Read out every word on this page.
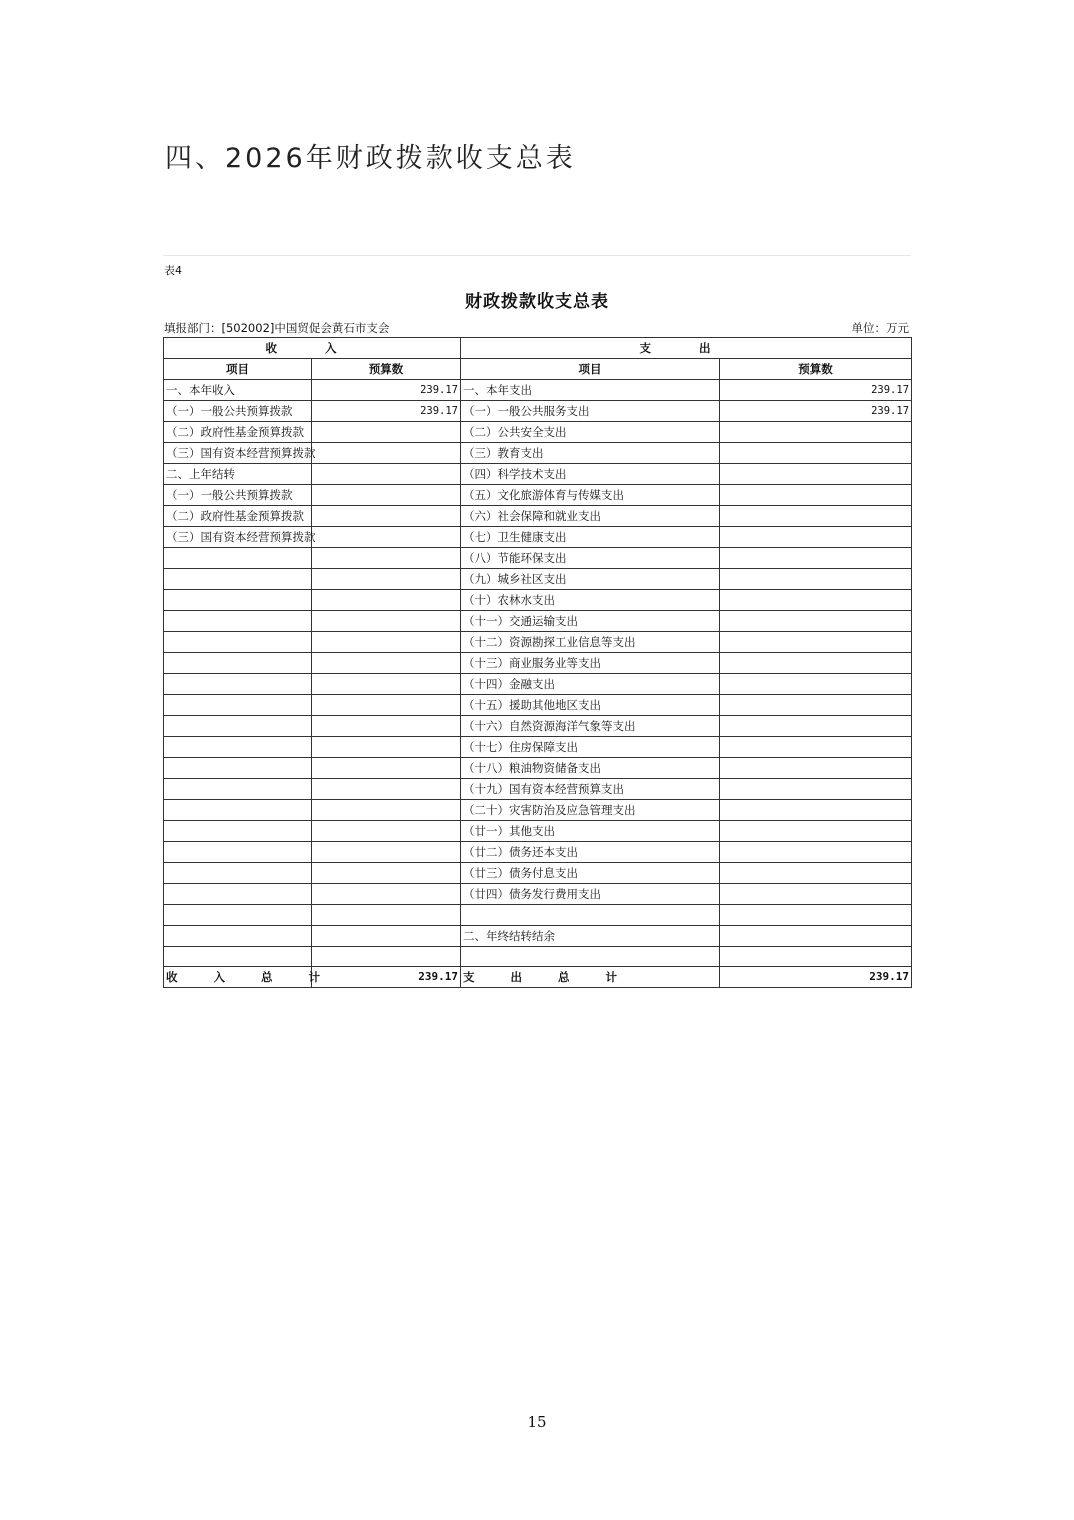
四、2026年财政拨款收支总表
表4
财政拨款收支总表
填报部门：[502002]中国贸促会黄石市支会	单位：万元
收 入		支 出	
项目	预算数	项目	预算数
一、本年收入	239.17	一、本年支出	239.17
（一）一般公共预算拨款	239.17	（一）一般公共服务支出	239.17
（二）政府性基金预算拨款		（二）公共安全支出	
（三）国有资本经营预算拨款		（三）教育支出	
二、上年结转		（四）科学技术支出	
（一）一般公共预算拨款		（五）文化旅游体育与传媒支出	
（二）政府性基金预算拨款		（六）社会保障和就业支出	
（三）国有资本经营预算拨款		（七）卫生健康支出	
		（八）节能环保支出	
		（九）城乡社区支出	
		（十）农林水支出	
		（十一）交通运输支出	
		（十二）资源勘探工业信息等支出	
		（十三）商业服务业等支出	
		（十四）金融支出	
		（十五）援助其他地区支出	
		（十六）自然资源海洋气象等支出	
		（十七）住房保障支出	
		（十八）粮油物资储备支出	
		（十九）国有资本经营预算支出	
		（二十）灾害防治及应急管理支出	
		（廿一）其他支出	
		（廿二）债务还本支出	
		（廿三）债务付息支出	
		（廿四）债务发行费用支出	

		二、年终结转结余	

收 入 总 计	239.17	支 出 总 计	239.17
15
